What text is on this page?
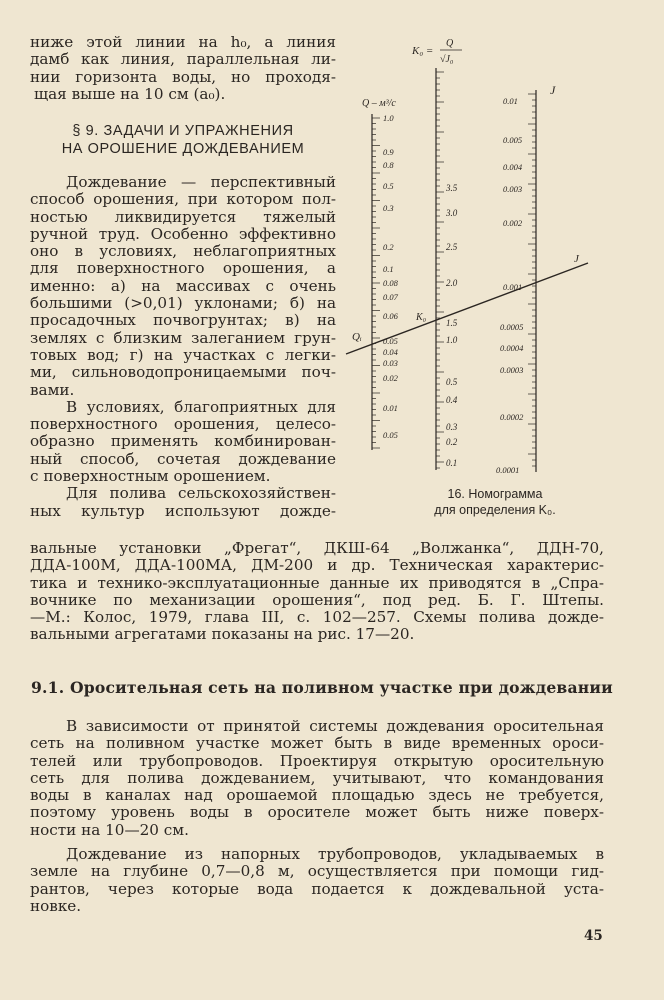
ниже этой линии на h₀, а линия
дамб как линия, параллельная ли-
нии горизонта воды, но проходя-
щая выше на 10 см (a₀).
§ 9. ЗАДАЧИ И УПРАЖНЕНИЯ
НА ОРОШЕНИЕ ДОЖДЕВАНИЕМ
Дождевание — перспективный
способ орошения, при котором пол-
ностью ликвидируется тяжелый
ручной труд. Особенно эффективно
оно в условиях, неблагоприятных
для поверхностного орошения, а
именно: а) на массивах с очень
большими (>0,01) уклонами; б) на
просадочных почвогрунтах; в) на
землях с близким залеганием грун-
товых вод; г) на участках с легки-
ми, сильноводопроницаемыми поч-
вами.
В условиях, благоприятных для
поверхностного орошения, целесо-
образно применять комбинирован-
ный способ, сочетая дождевание
с поверхностным орошением.
Для полива сельскохозяйствен-
ных культур используют дожде-
вальные установки „Фрегат“, ДКШ-64 „Волжанка“, ДДН-70,
ДДА-100М, ДДА-100МА, ДМ-200 и др. Техническая характерис-
тика и технико-эксплуатационные данные их приводятся в „Спра-
вочнике по механизации орошения“, под ред. Б. Г. Штепы.
—М.: Колос, 1979, глава III, с. 102—257. Схемы полива дожде-
вальными агрегатами показаны на рис. 17—20.
Q – м³/с
K₀ =
Q
√J₀
J
1.0
0.9
0.8
0.5
0.3
0.2
0.1
0.08
0.07
0.06
0.05
0.04
0.03
0.02
0.01
0.05
3.5
3.0
2.5
2.0
1.5
1.0
0.5
0.4
0.3
0.2
0.1
0.01
0.005
0.004
0.003
0.002
0.001
0.0005
0.0004
0.0003
0.0002
0.0001
Qᵢ
K₀
J
16. Номограмма
для определения K₀.
9.1. Оросительная сеть на поливном участке при дождевании
В зависимости от принятой системы дождевания оросительная
сеть на поливном участке может быть в виде временных ороси-
телей или трубопроводов. Проектируя открытую оросительную
сеть для полива дождеванием, учитывают, что командования
воды в каналах над орошаемой площадью здесь не требуется,
поэтому уровень воды в оросителе может быть ниже поверх-
ности на 10—20 см.
Дождевание из напорных трубопроводов, укладываемых в
земле на глубине 0,7—0,8 м, осуществляется при помощи гид-
рантов, через которые вода подается к дождевальной уста-
новке.
45
